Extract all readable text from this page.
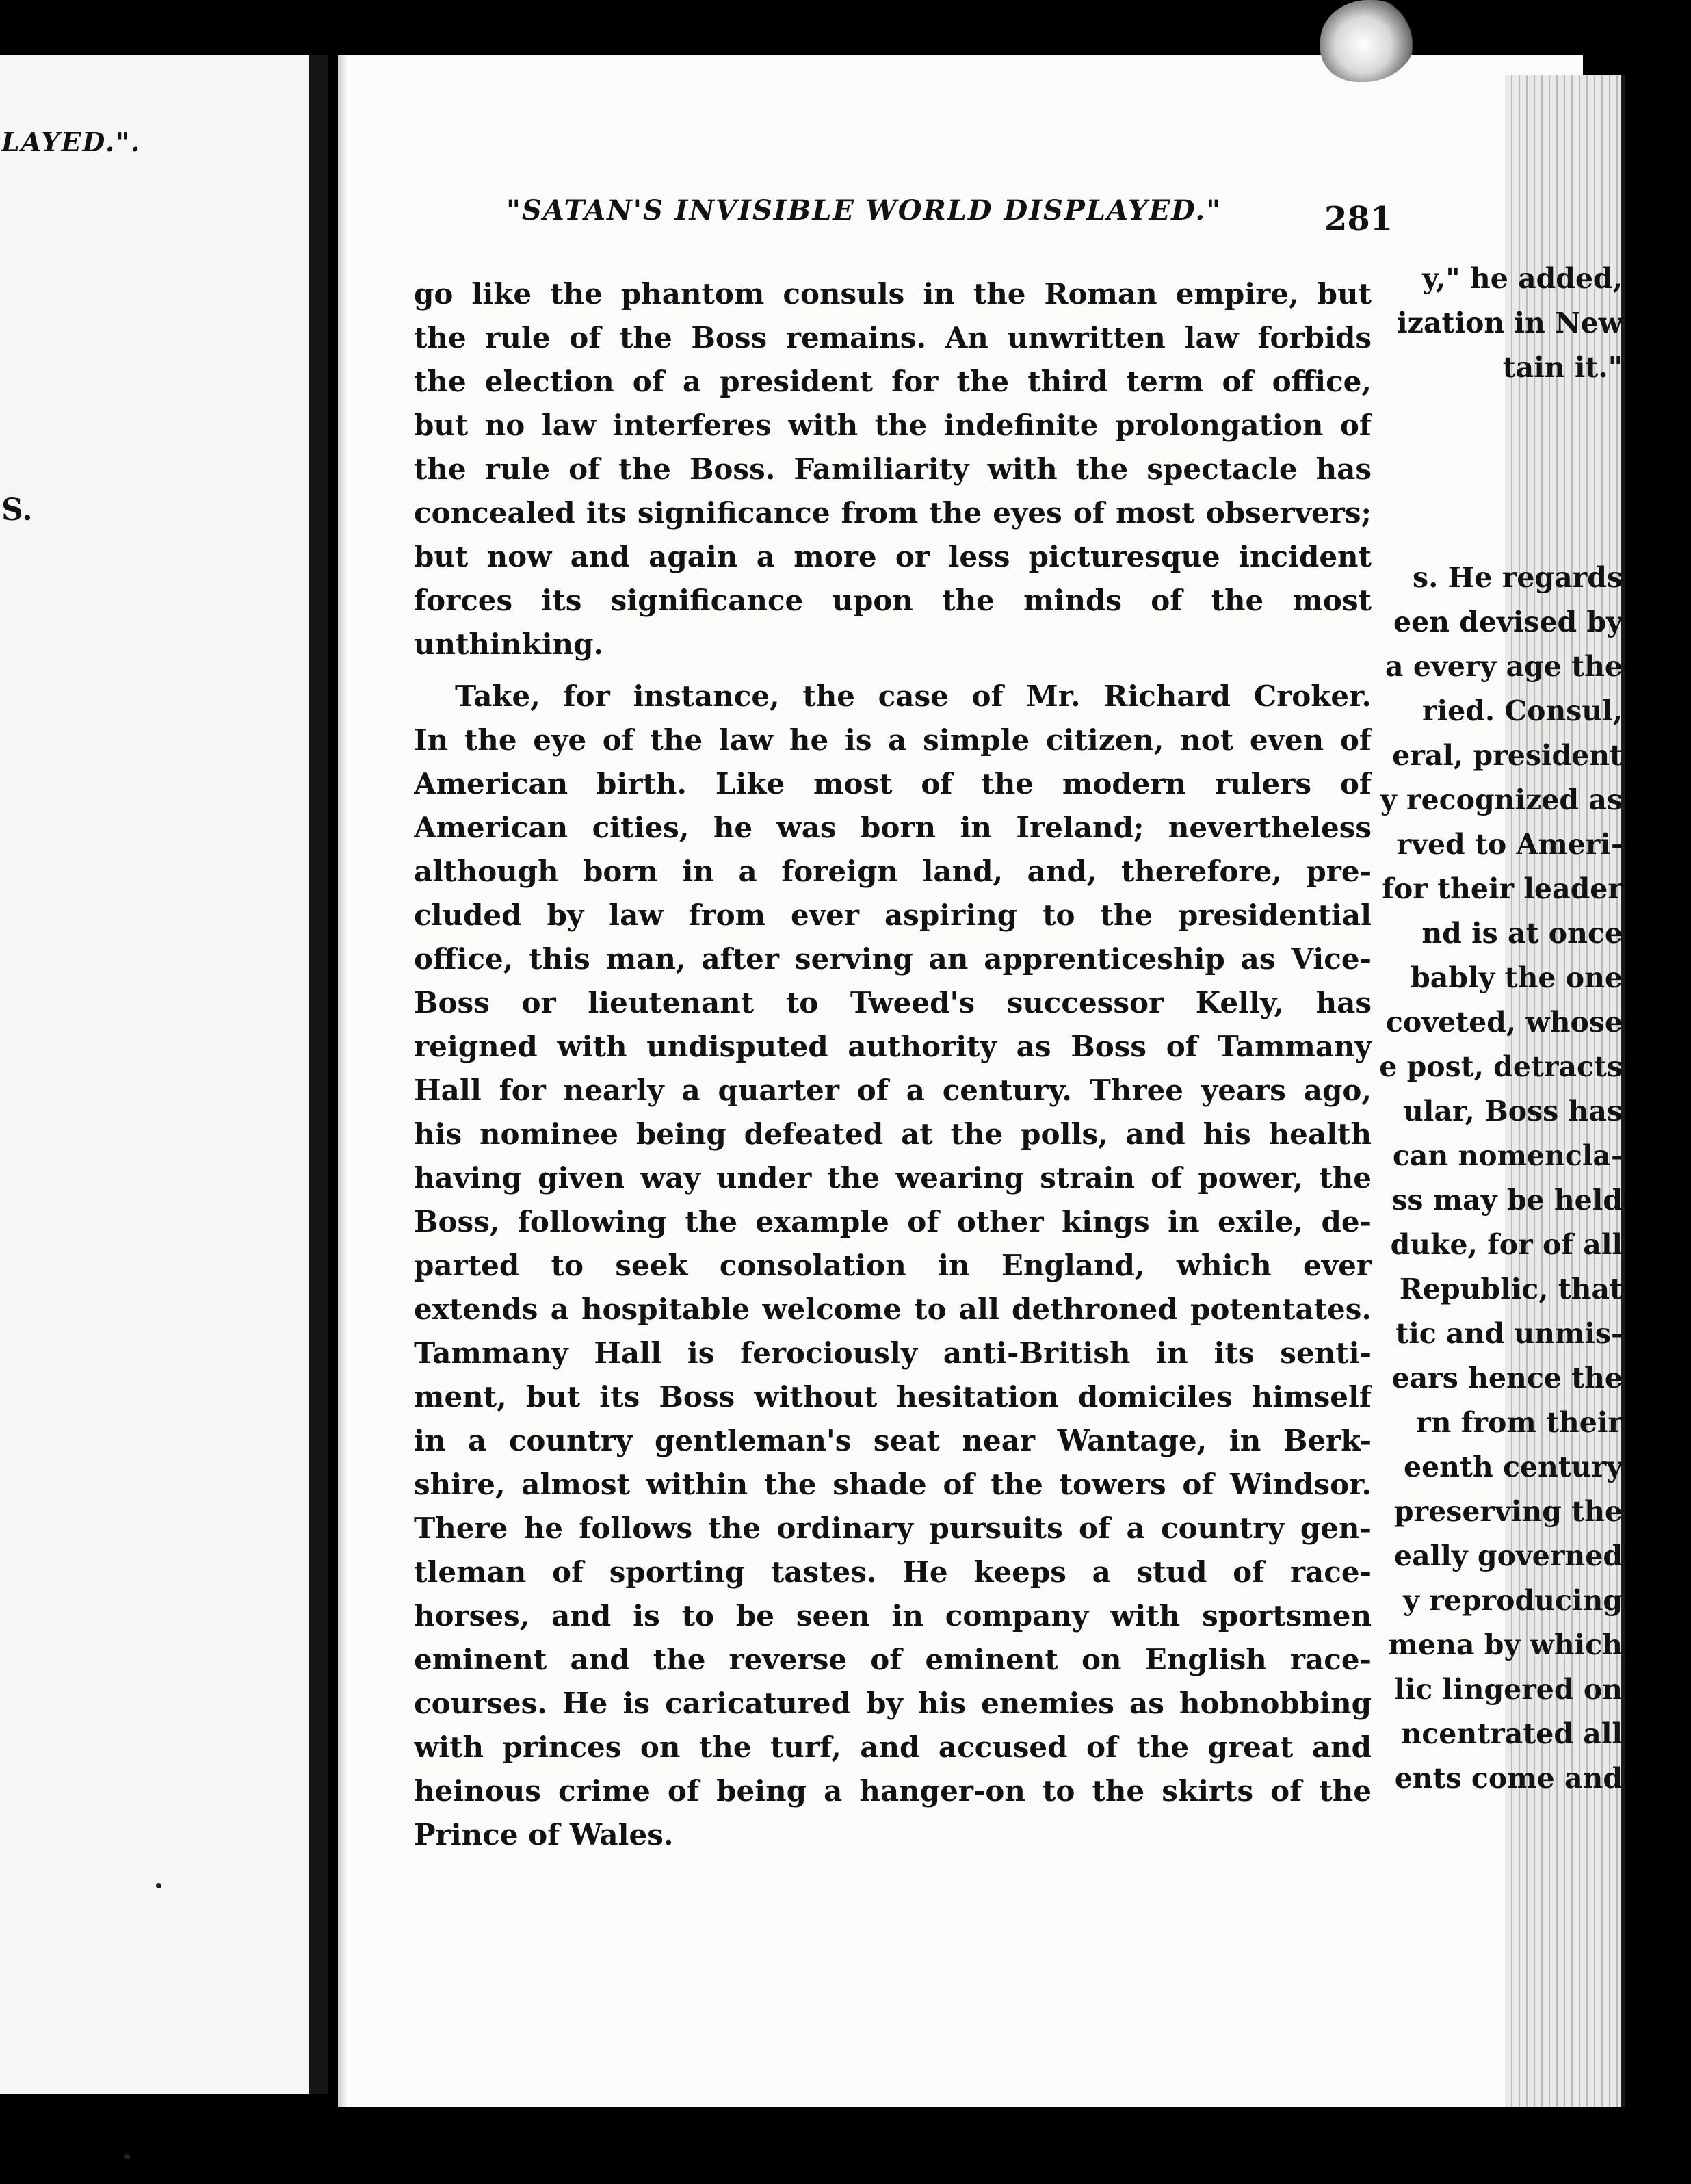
LAYED.".
y," he added,
ization in New
tain it."
S.
s. He regards
een devised by
a every age the
ried. Consul,
eral, president
y recognized as
rved to Ameri-
for their leader
nd is at once
bably the one
coveted, whose
e post, detracts
ular, Boss has
can nomencla-
ss may be held
duke, for of all
Republic, that
tic and unmis-
ears hence the
rn from their
eenth century
preserving the
eally governed
y reproducing
mena by which
lic lingered on
ncentrated all
ents come and
"SATAN'S INVISIBLE WORLD DISPLAYED."	281
go like the phantom consuls in the Roman empire, but
the rule of the Boss remains. An unwritten law forbids
the election of a president for the third term of office,
but no law interferes with the indefinite prolongation of
the rule of the Boss. Familiarity with the spectacle has
concealed its significance from the eyes of most observers;
but now and again a more or less picturesque incident
forces its significance upon the minds of the most
unthinking.
Take, for instance, the case of Mr. Richard Croker.
In the eye of the law he is a simple citizen, not even of
American birth. Like most of the modern rulers of
American cities, he was born in Ireland; nevertheless
although born in a foreign land, and, therefore, pre-
cluded by law from ever aspiring to the presidential
office, this man, after serving an apprenticeship as Vice-
Boss or lieutenant to Tweed's successor Kelly, has
reigned with undisputed authority as Boss of Tammany
Hall for nearly a quarter of a century. Three years ago,
his nominee being defeated at the polls, and his health
having given way under the wearing strain of power, the
Boss, following the example of other kings in exile, de-
parted to seek consolation in England, which ever
extends a hospitable welcome to all dethroned potentates.
Tammany Hall is ferociously anti-British in its senti-
ment, but its Boss without hesitation domiciles himself
in a country gentleman's seat near Wantage, in Berk-
shire, almost within the shade of the towers of Windsor.
There he follows the ordinary pursuits of a country gen-
tleman of sporting tastes. He keeps a stud of race-
horses, and is to be seen in company with sportsmen
eminent and the reverse of eminent on English race-
courses. He is caricatured by his enemies as hobnobbing
with princes on the turf, and accused of the great and
heinous crime of being a hanger-on to the skirts of the
Prince of Wales.
